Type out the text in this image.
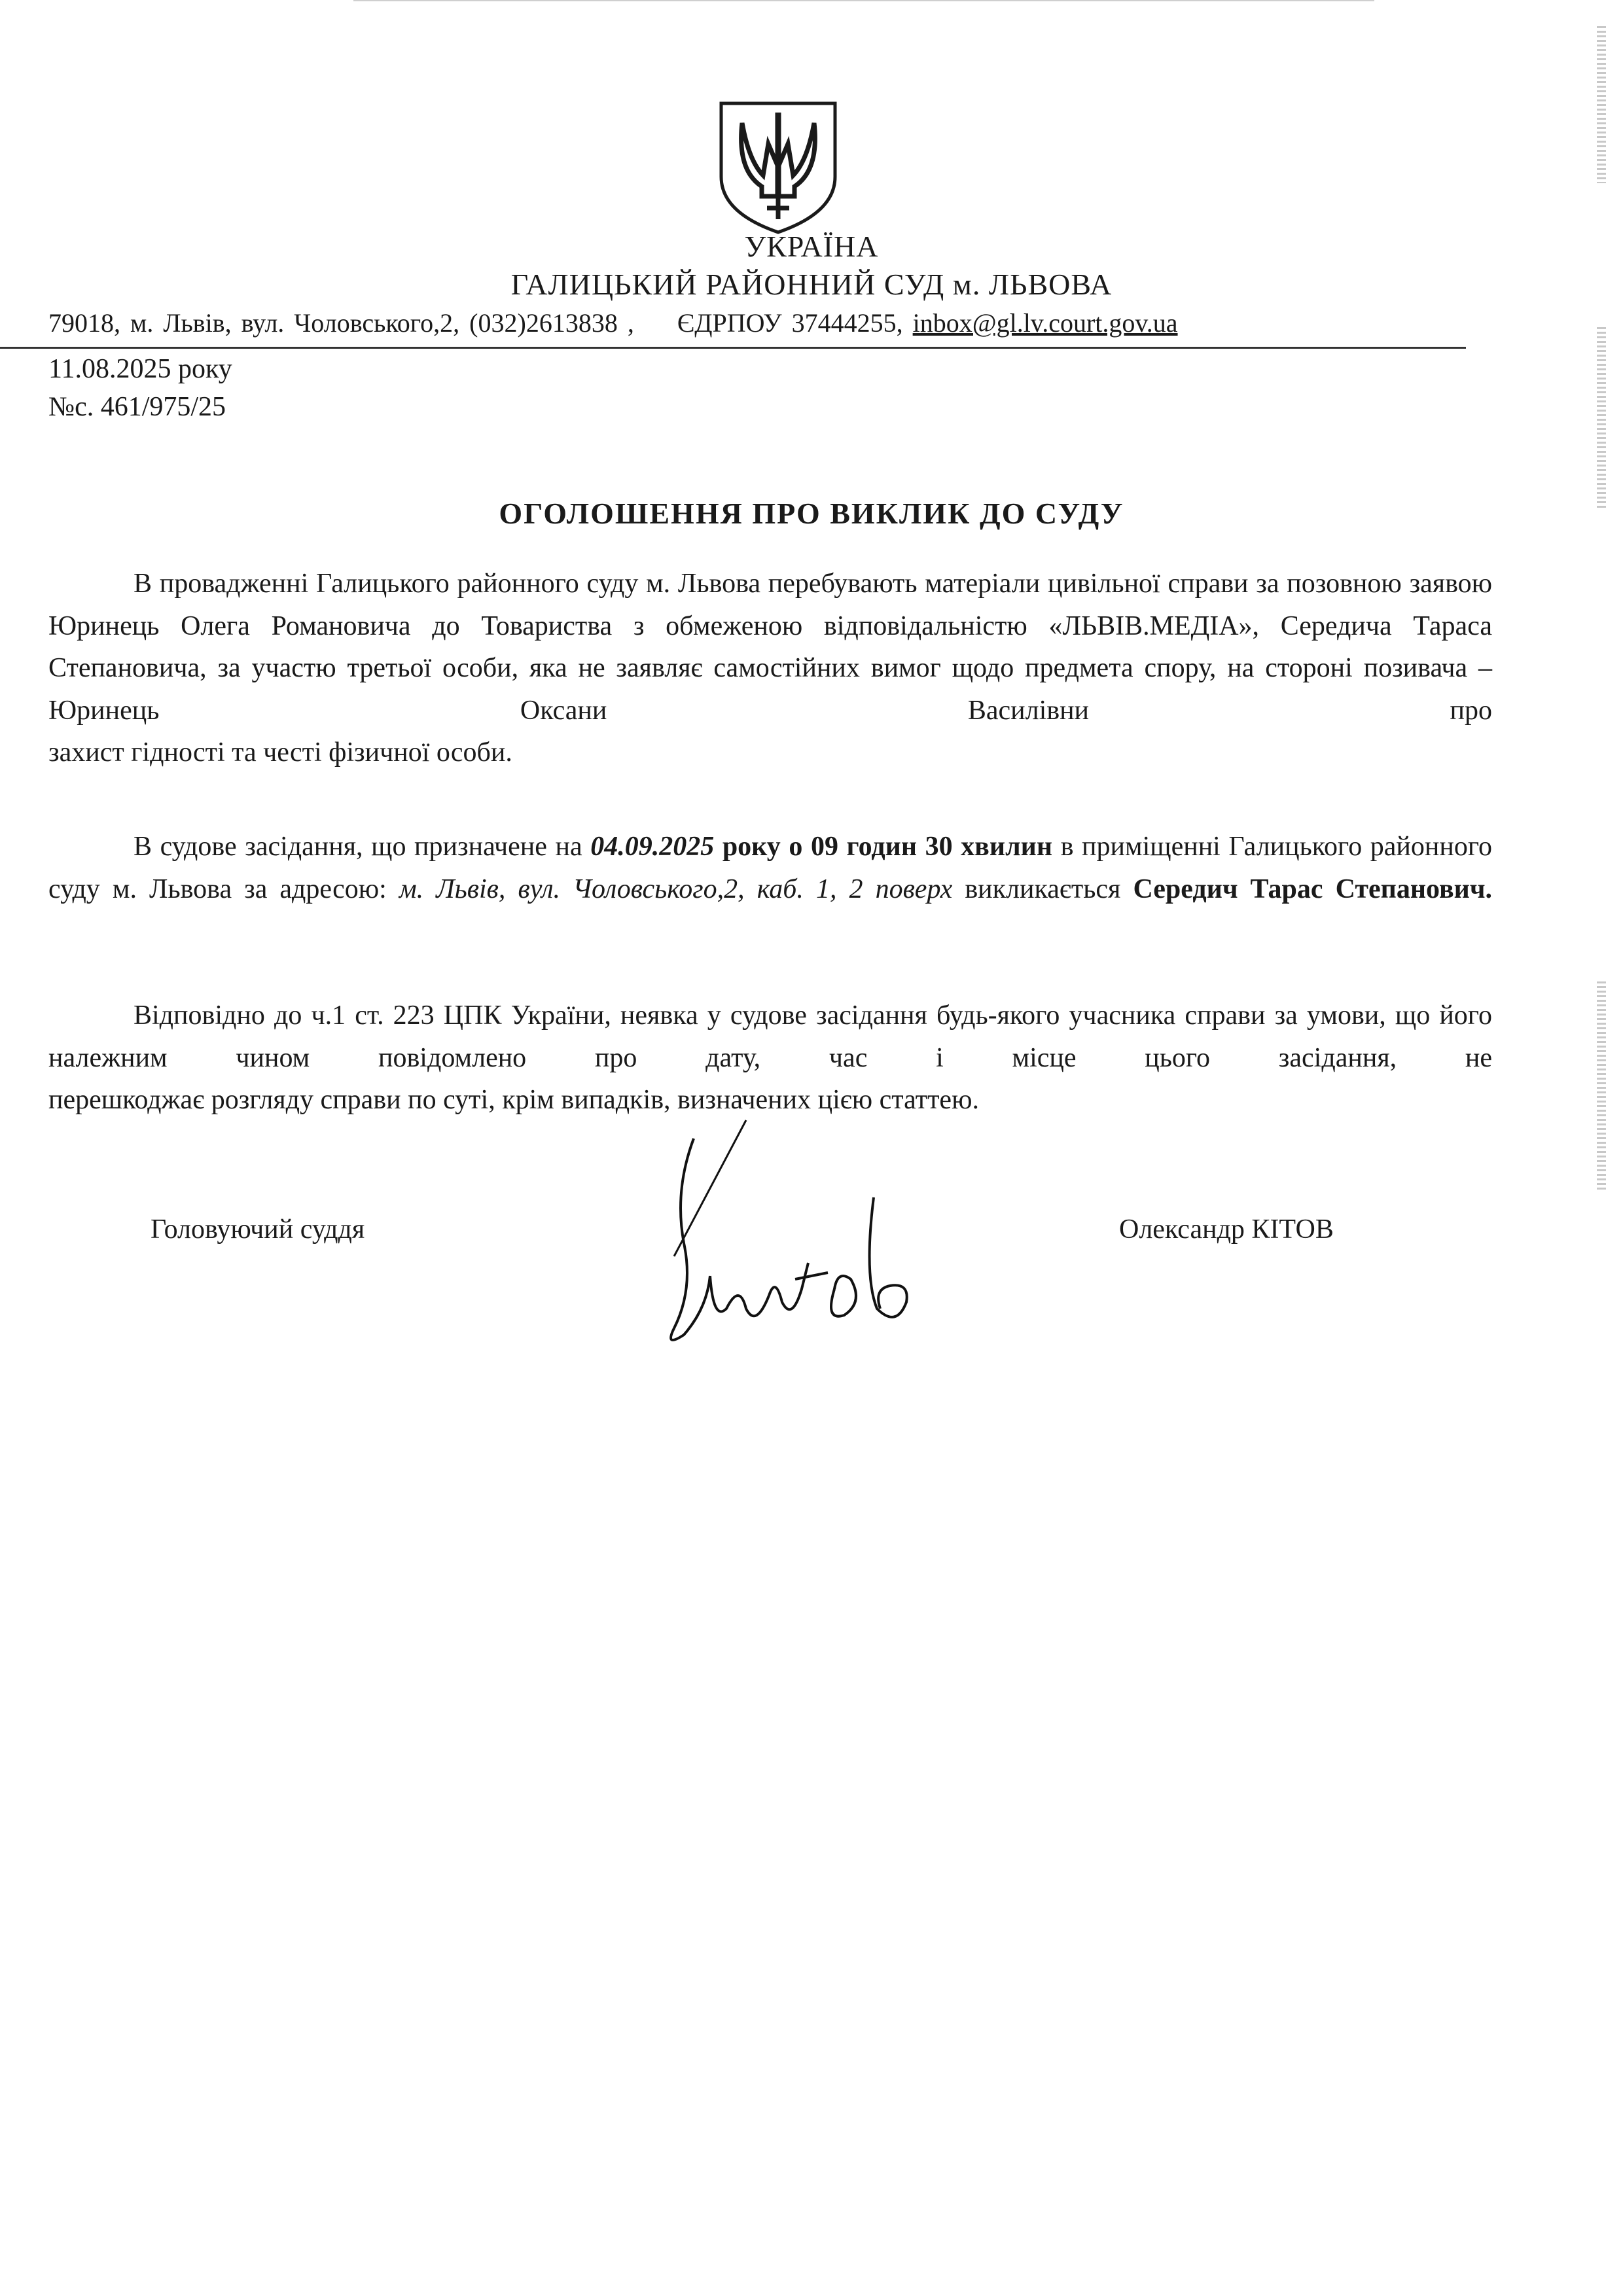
УКРАЇНА
ГАЛИЦЬКИЙ РАЙОННИЙ СУД м. ЛЬВОВА
79018, м. Львів, вул. Чоловського,2, (032)2613838 , ЄДРПОУ 37444255, inbox@gl.lv.court.gov.ua
11.08.2025 року
№с. 461/975/25
ОГОЛОШЕННЯ ПРО ВИКЛИК ДО СУДУ
В провадженні Галицького районного суду м. Львова перебувають матеріали цивільної справи за позовною заявою Юринець Олега Романовича до Товариства з обмеженою відповідальністю «ЛЬВІВ.МЕДІА», Середича Тараса Степановича, за участю третьої особи, яка не заявляє самостійних вимог щодо предмета спору, на стороні позивача – Юринець Оксани Василівни про
захист гідності та честі фізичної особи.
В судове засідання, що призначене на 04.09.2025 року о 09 годин 30 хвилин в приміщенні Галицького районного суду м. Львова за адресою: м. Львів, вул. Чоловського,2, каб. 1, 2 поверх викликається Середич Тарас Степанович.
Відповідно до ч.1 ст. 223 ЦПК України, неявка у судове засідання будь-якого учасника справи за умови, що його належним чином повідомлено про дату, час і місце цього засідання, не
перешкоджає розгляду справи по суті, крім випадків, визначених цією статтею.
Головуючий суддя	Олександр КІТОВ
